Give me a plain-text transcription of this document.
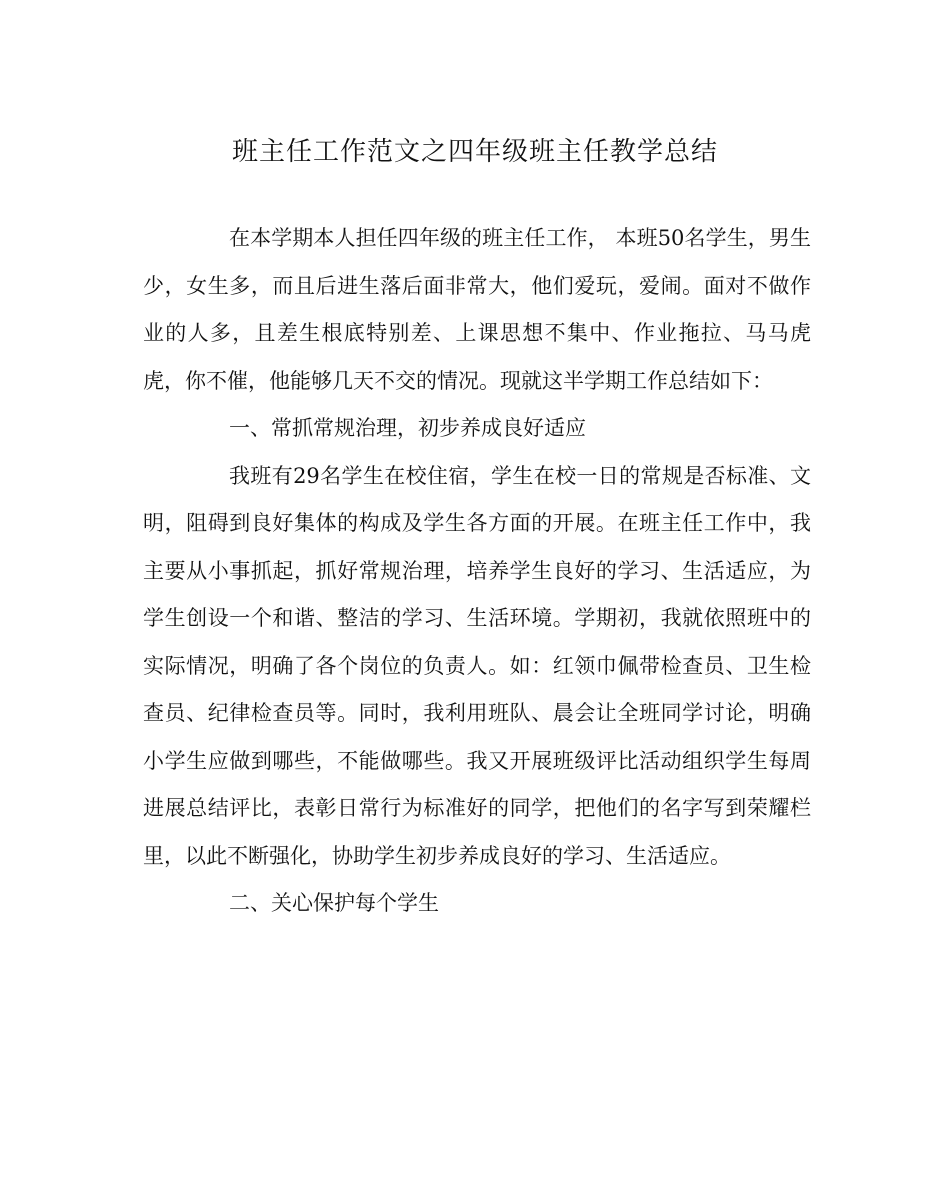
班主任工作范文之四年级班主任教学总结

在本学期本人担任四年级的班主任工作， 本班50名学生，男生少，女生多，而且后进生落后面非常大，他们爱玩，爱闹。面对不做作业的人多，且差生根底特别差、上课思想不集中、作业拖拉、马马虎虎，你不催，他能够几天不交的情况。现就这半学期工作总结如下：

一、常抓常规治理，初步养成良好适应

我班有29名学生在校住宿，学生在校一日的常规是否标准、文明，阻碍到良好集体的构成及学生各方面的开展。在班主任工作中，我主要从小事抓起，抓好常规治理，培养学生良好的学习、生活适应，为学生创设一个和谐、整洁的学习、生活环境。学期初，我就依照班中的实际情况，明确了各个岗位的负责人。如：红领巾佩带检查员、卫生检查员、纪律检查员等。同时，我利用班队、晨会让全班同学讨论，明确小学生应做到哪些，不能做哪些。我又开展班级评比活动组织学生每周进展总结评比，表彰日常行为标准好的同学，把他们的名字写到荣耀栏里，以此不断强化，协助学生初步养成良好的学习、生活适应。

二、关心保护每个学生
